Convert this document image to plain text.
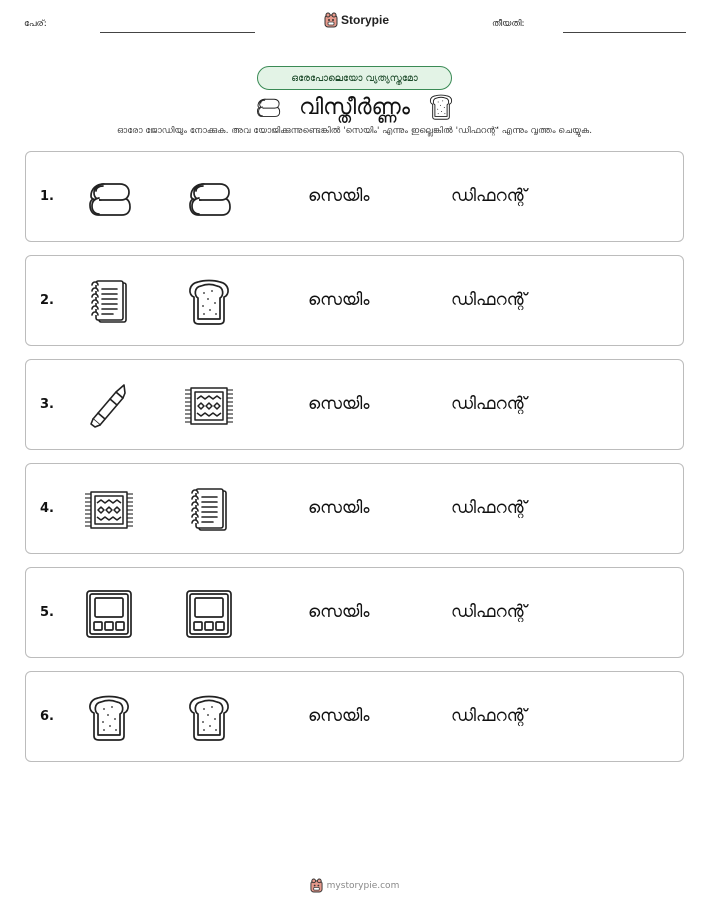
പേര്:	Storypie	തീയതി:
ഒരേപോലെയോ വ്യത്യസ്തമോ
വിസ്തീർണ്ണം
ഓരോ ജോഡിയും നോക്കുക. അവ യോജിക്കുന്നുണ്ടെങ്കിൽ 'സെയിം' എന്നും ഇല്ലെങ്കിൽ 'ഡിഫറന്റ്' എന്നും വൃത്തം ചെയ്യുക.
1.	സെയിം	ഡിഫറന്റ്
2.	സെയിം	ഡിഫറന്റ്
3.	സെയിം	ഡിഫറന്റ്
4.	സെയിം	ഡിഫറന്റ്
5.	സെയിം	ഡിഫറന്റ്
6.	സെയിം	ഡിഫറന്റ്
mystorypie.com
